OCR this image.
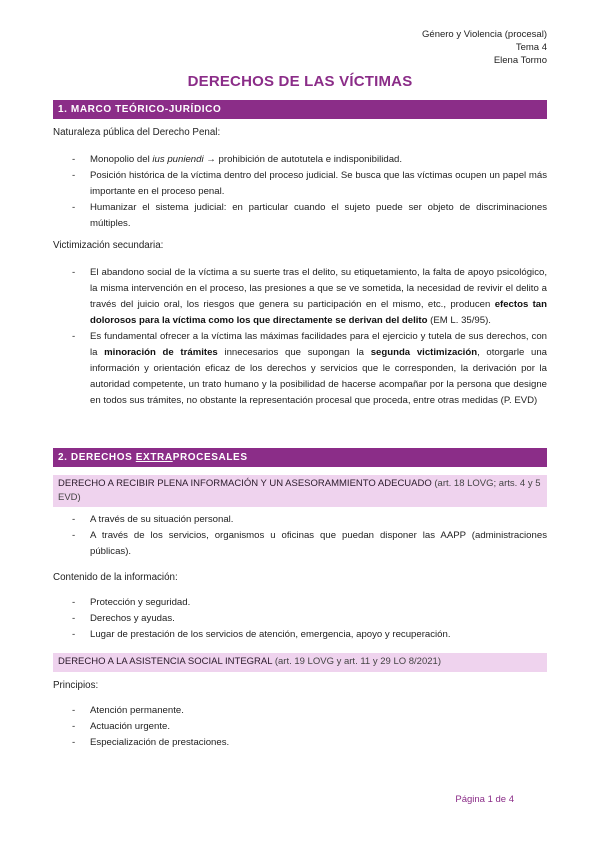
Género y Violencia (procesal)
Tema 4
Elena Tormo
DERECHOS DE LAS VÍCTIMAS
1. MARCO TEÓRICO-JURÍDICO
Naturaleza pública del Derecho Penal:
- Monopolio del ius puniendi → prohibición de autotutela e indisponibilidad.
- Posición histórica de la víctima dentro del proceso judicial. Se busca que las víctimas ocupen un papel más importante en el proceso penal.
- Humanizar el sistema judicial: en particular cuando el sujeto puede ser objeto de discriminaciones múltiples.
Victimización secundaria:
- El abandono social de la víctima a su suerte tras el delito, su etiquetamiento, la falta de apoyo psicológico, la misma intervención en el proceso, las presiones a que se ve sometida, la necesidad de revivir el delito a través del juicio oral, los riesgos que genera su participación en el mismo, etc., producen efectos tan dolorosos para la víctima como los que directamente se derivan del delito (EM L. 35/95).
- Es fundamental ofrecer a la víctima las máximas facilidades para el ejercicio y tutela de sus derechos, con la minoración de trámites innecesarios que supongan la segunda victimización, otorgarle una información y orientación eficaz de los derechos y servicios que le corresponden, la derivación por la autoridad competente, un trato humano y la posibilidad de hacerse acompañar por la persona que designe en todos sus trámites, no obstante la representación procesal que proceda, entre otras medidas (P. EVD)
2. DERECHOS EXTRAPROCESALES
DERECHO A RECIBIR PLENA INFORMACIÓN Y UN ASESORAMMIENTO ADECUADO (art. 18 LOVG; arts. 4 y 5 EVD)
- A través de su situación personal.
- A través de los servicios, organismos u oficinas que puedan disponer las AAPP (administraciones públicas).
Contenido de la información:
- Protección y seguridad.
- Derechos y ayudas.
- Lugar de prestación de los servicios de atención, emergencia, apoyo y recuperación.
DERECHO A LA ASISTENCIA SOCIAL INTEGRAL (art. 19 LOVG y art. 11 y 29 LO 8/2021)
Principios:
- Atención permanente.
- Actuación urgente.
- Especialización de prestaciones.
Página 1 de 4
